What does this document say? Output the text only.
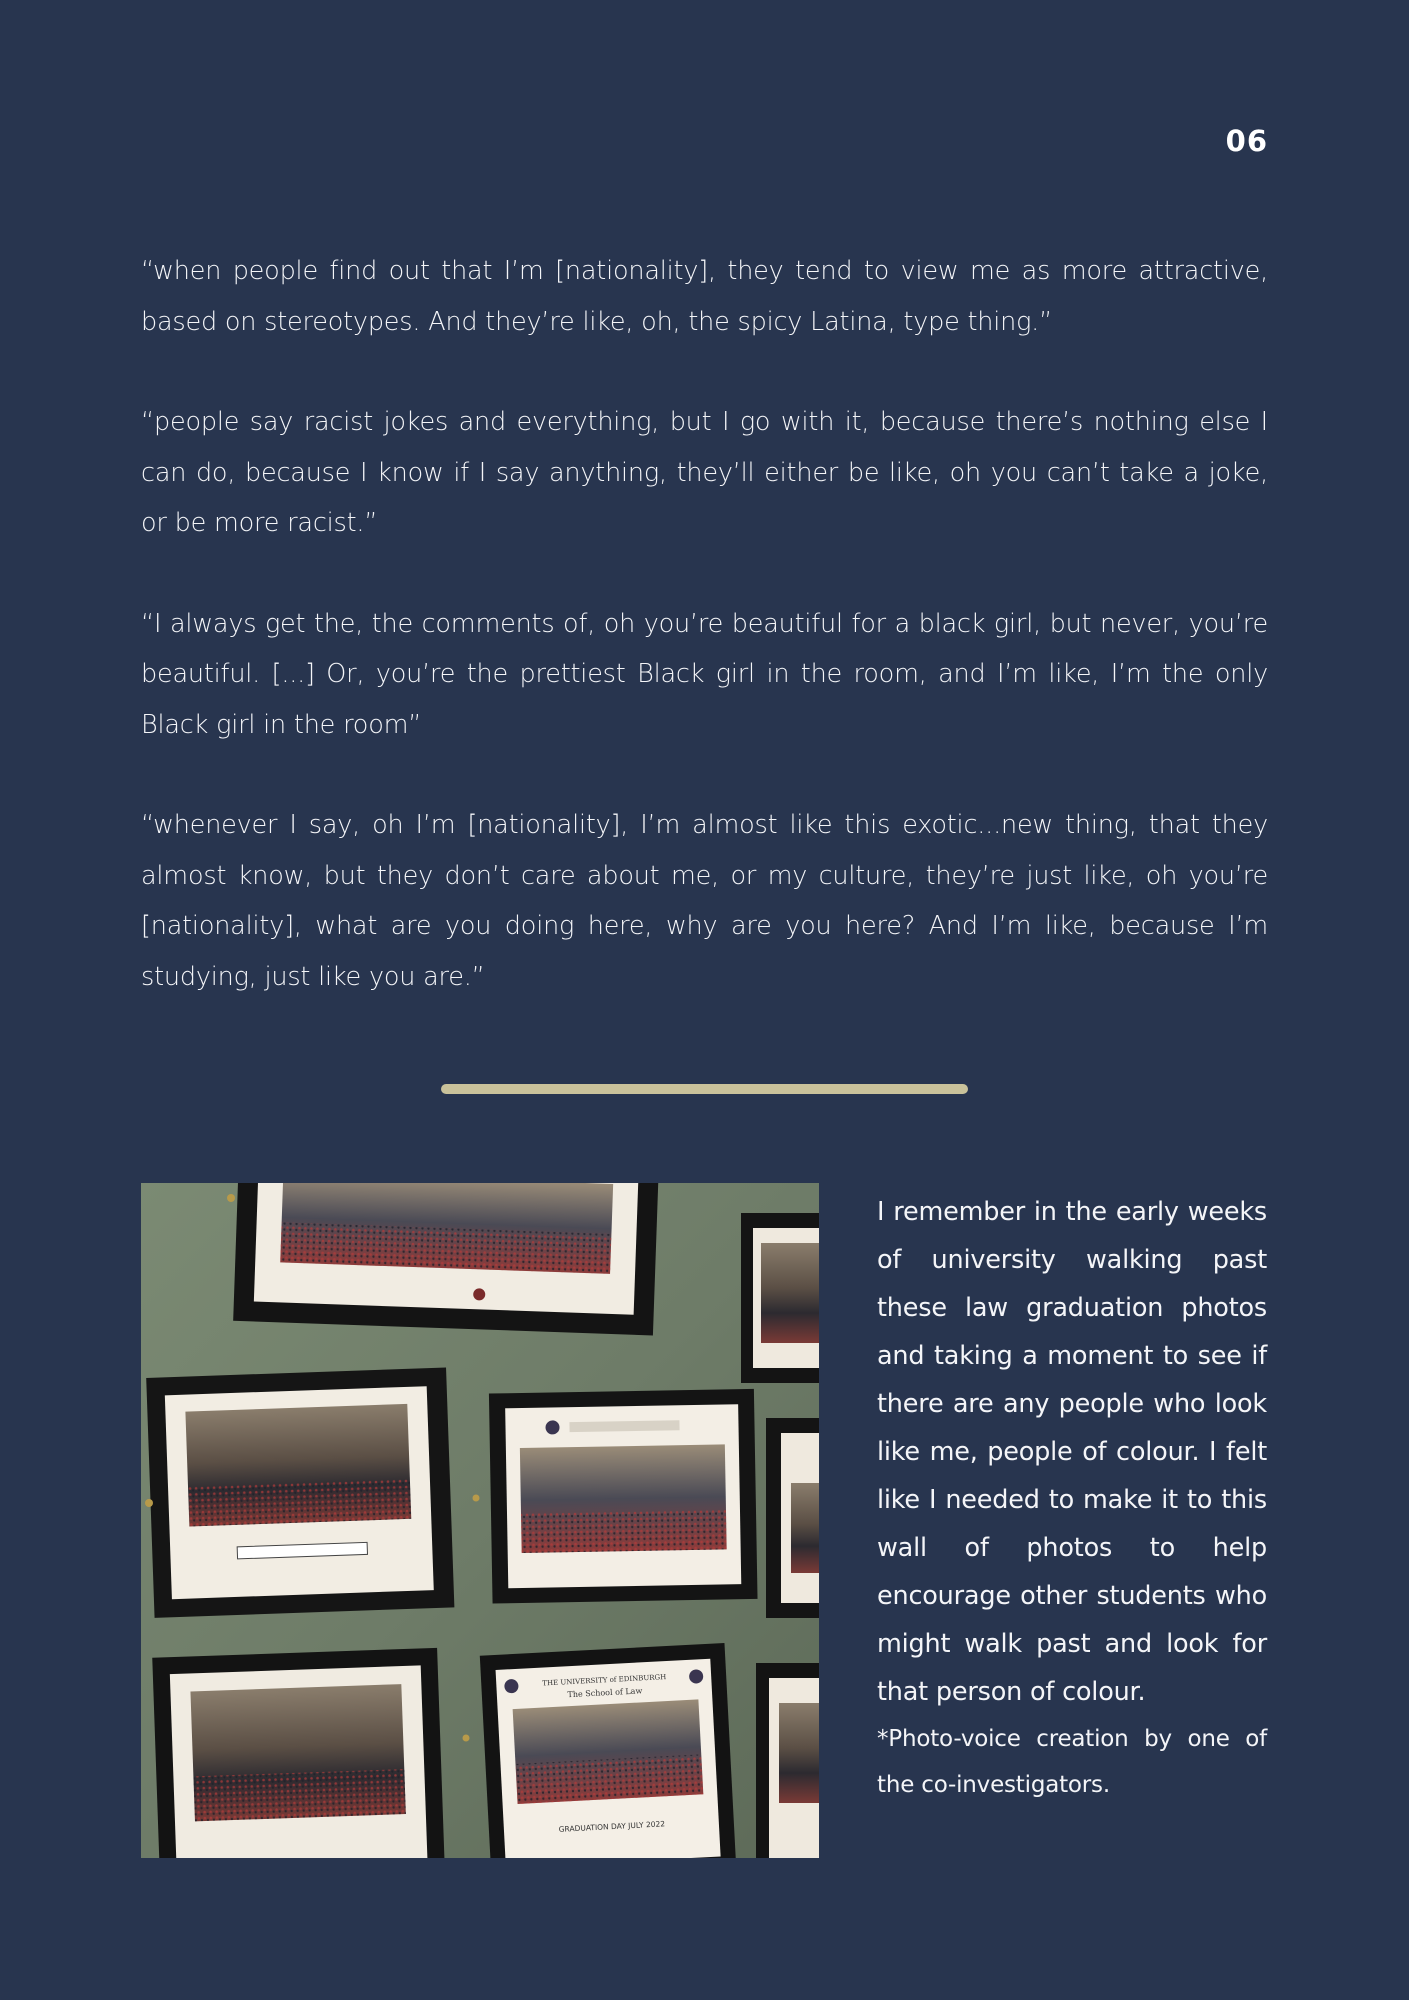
06

“when people find out that I’m [nationality], they tend to view me as more attractive, based on stereotypes. And they’re like, oh, the spicy Latina, type thing.”

“people say racist jokes and everything, but I go with it, because there’s nothing else I can do, because I know if I say anything, they’ll either be like, oh you can’t take a joke, or be more racist.”

“I always get the, the comments of, oh you’re beautiful for a black girl, but never, you’re beautiful. [...] Or, you’re the prettiest Black girl in the room, and I’m like, I’m the only Black girl in the room”

“whenever I say, oh I’m [nationality], I’m almost like this exotic...new thing, that they almost know, but they don’t care about me, or my culture, they’re just like, oh you’re [nationality], what are you doing here, why are you here? And I’m like, because I’m studying, just like you are.”

THE UNIVERSITY of EDINBURGH
The School of Law
GRADUATION DAY JULY 2022

I remember in the early weeks of university walking past these law graduation photos and taking a moment to see if there are any people who look like me, people of colour. I felt like I needed to make it to this wall of photos to help encourage other students who might walk past and look for that person of colour.

*Photo-voice creation by one of the co-investigators.
